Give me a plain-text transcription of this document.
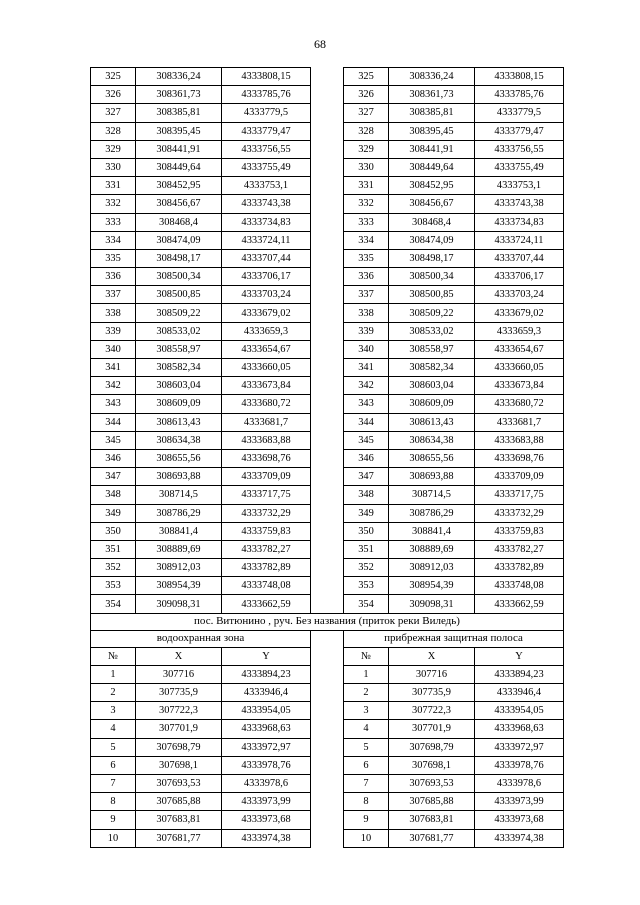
68
325	308336,24	4333808,15		325	308336,24	4333808,15
326	308361,73	4333785,76		326	308361,73	4333785,76
327	308385,81	4333779,5		327	308385,81	4333779,5
328	308395,45	4333779,47		328	308395,45	4333779,47
329	308441,91	4333756,55		329	308441,91	4333756,55
330	308449,64	4333755,49		330	308449,64	4333755,49
331	308452,95	4333753,1		331	308452,95	4333753,1
332	308456,67	4333743,38		332	308456,67	4333743,38
333	308468,4	4333734,83		333	308468,4	4333734,83
334	308474,09	4333724,11		334	308474,09	4333724,11
335	308498,17	4333707,44		335	308498,17	4333707,44
336	308500,34	4333706,17		336	308500,34	4333706,17
337	308500,85	4333703,24		337	308500,85	4333703,24
338	308509,22	4333679,02		338	308509,22	4333679,02
339	308533,02	4333659,3		339	308533,02	4333659,3
340	308558,97	4333654,67		340	308558,97	4333654,67
341	308582,34	4333660,05		341	308582,34	4333660,05
342	308603,04	4333673,84		342	308603,04	4333673,84
343	308609,09	4333680,72		343	308609,09	4333680,72
344	308613,43	4333681,7		344	308613,43	4333681,7
345	308634,38	4333683,88		345	308634,38	4333683,88
346	308655,56	4333698,76		346	308655,56	4333698,76
347	308693,88	4333709,09		347	308693,88	4333709,09
348	308714,5	4333717,75		348	308714,5	4333717,75
349	308786,29	4333732,29		349	308786,29	4333732,29
350	308841,4	4333759,83		350	308841,4	4333759,83
351	308889,69	4333782,27		351	308889,69	4333782,27
352	308912,03	4333782,89		352	308912,03	4333782,89
353	308954,39	4333748,08		353	308954,39	4333748,08
354	309098,31	4333662,59		354	309098,31	4333662,59
пос. Витюнино , руч. Без названия (приток реки Виледь)						
водоохранная зона				прибрежная защитная полоса		
№	X	Y		№	X	Y
1	307716	4333894,23		1	307716	4333894,23
2	307735,9	4333946,4		2	307735,9	4333946,4
3	307722,3	4333954,05		3	307722,3	4333954,05
4	307701,9	4333968,63		4	307701,9	4333968,63
5	307698,79	4333972,97		5	307698,79	4333972,97
6	307698,1	4333978,76		6	307698,1	4333978,76
7	307693,53	4333978,6		7	307693,53	4333978,6
8	307685,88	4333973,99		8	307685,88	4333973,99
9	307683,81	4333973,68		9	307683,81	4333973,68
10	307681,77	4333974,38		10	307681,77	4333974,38
